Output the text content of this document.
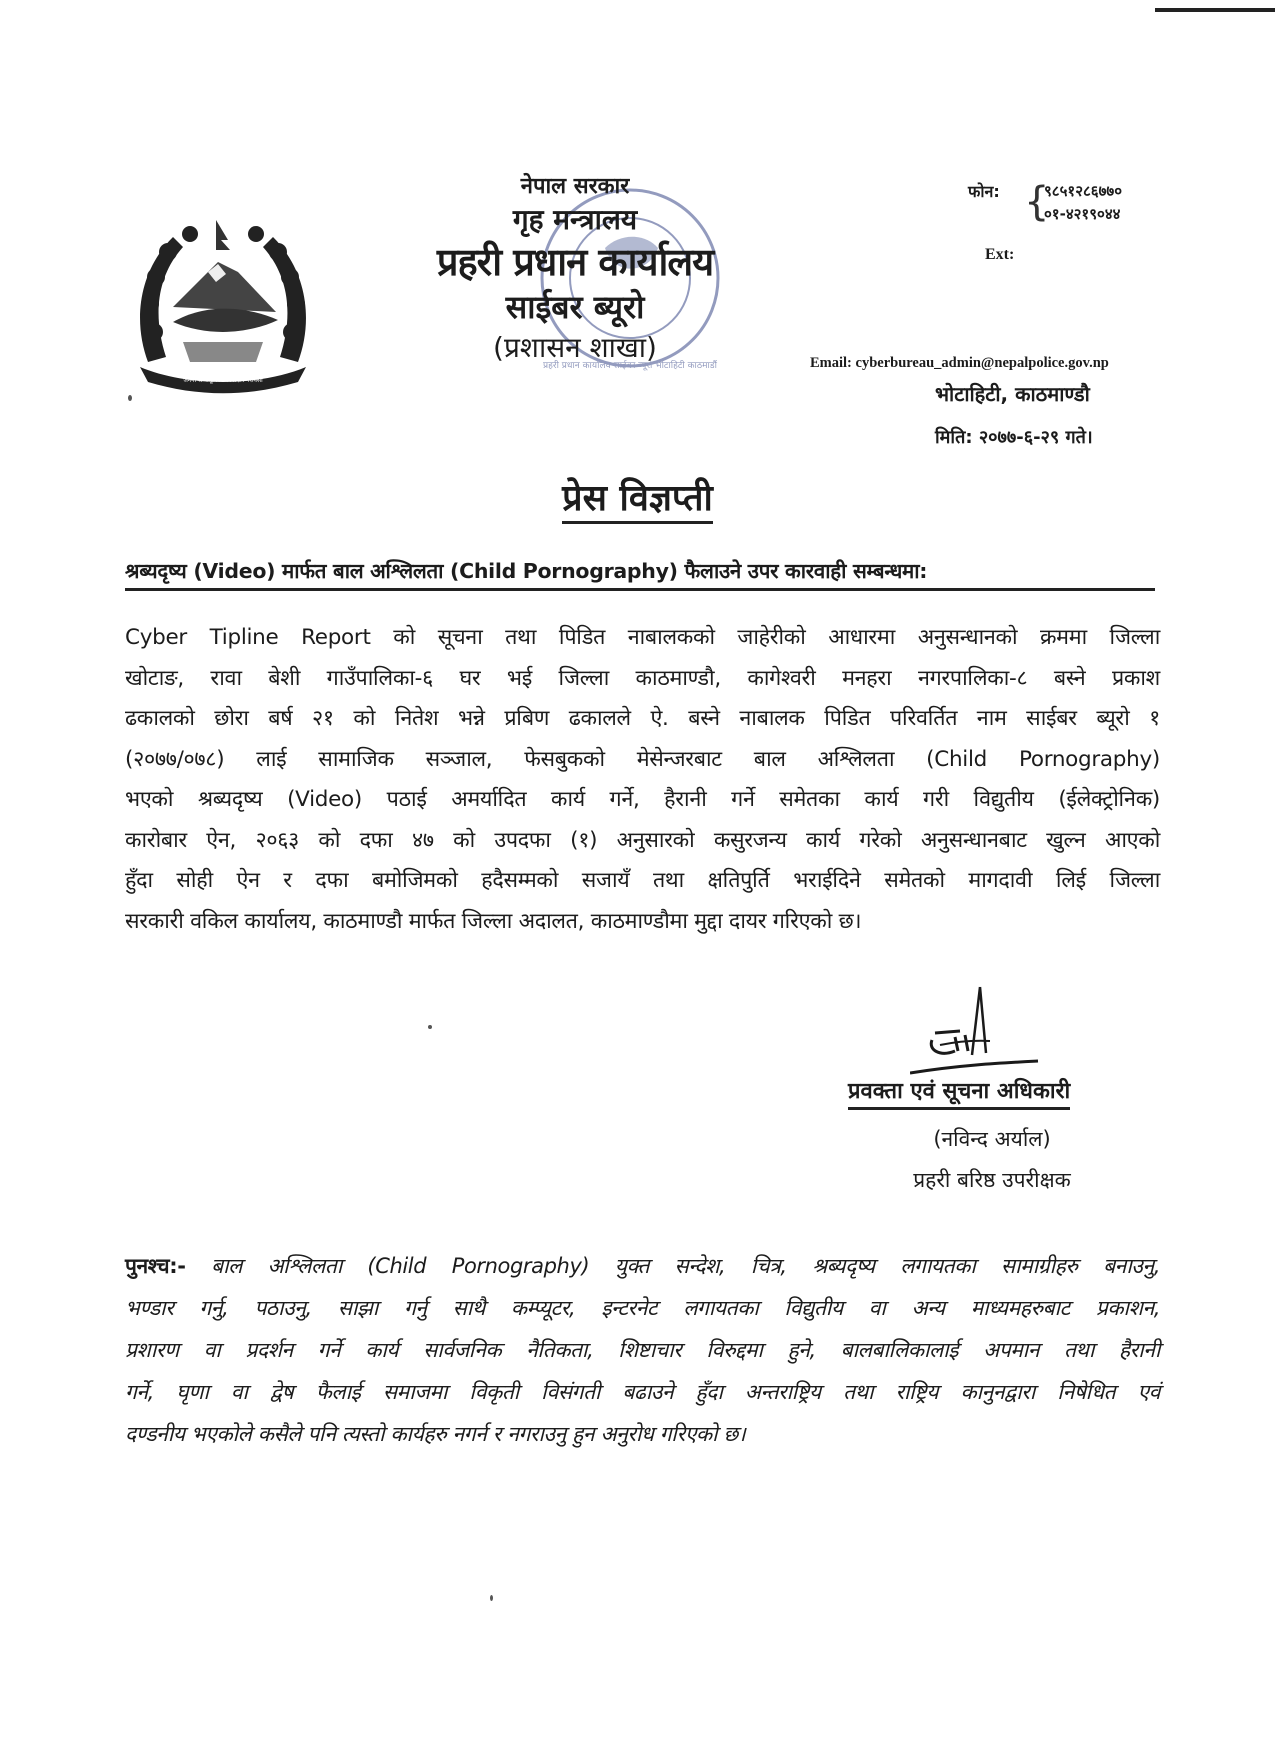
जननी जन्मभूमिश्च स्वर्गादपि गरीयसी
प्रहरी प्रधान कार्यालय साईबर ब्यूरो भोटाहिटी काठमाडौं
नेपाल सरकार
गृह मन्त्रालय
प्रहरी प्रधान कार्यालय
साईबर ब्यूरो
(प्रशासन शाखा)
फोन: {
९८५१२८६७७०
०१-४२१९०४४
Ext:
Email: cyberbureau_admin@nepalpolice.gov.np
भोटाहिटी, काठमाण्डौ
मिति: २०७७-६-२९ गते।
प्रेस विज्ञप्ती
श्रब्यदृष्य (Video) मार्फत बाल अश्लिलता (Child Pornography) फैलाउने उपर कारवाही सम्बन्धमा:

Cyber Tipline Report को सूचना तथा पिडित नाबालकको जाहेरीको आधारमा अनुसन्धानको क्रममा जिल्ला
खोटाङ, रावा बेशी गाउँपालिका-६ घर भई जिल्ला काठमाण्डौ, कागेश्वरी मनहरा नगरपालिका-८ बस्ने प्रकाश
ढकालको छोरा बर्ष २१ को नितेश भन्ने प्रबिण ढकालले ऐ. बस्ने नाबालक पिडित परिवर्तित नाम साईबर ब्यूरो १
(२०७७/०७८) लाई सामाजिक सञ्जाल, फेसबुकको मेसेन्जरबाट बाल अश्लिलता (Child Pornography)
भएको श्रब्यदृष्य (Video) पठाई अमर्यादित कार्य गर्ने, हैरानी गर्ने समेतका कार्य गरी विद्युतीय (ईलेक्ट्रोनिक)
कारोबार ऐन, २०६३ को दफा ४७ को उपदफा (१) अनुसारको कसुरजन्य कार्य गरेको अनुसन्धानबाट खुल्न आएको
हुँदा सोही ऐन र दफा बमोजिमको हदैसम्मको सजायँ तथा क्षतिपुर्ति भराईदिने समेतको मागदावी लिई जिल्ला
सरकारी वकिल कार्यालय, काठमाण्डौ मार्फत जिल्ला अदालत, काठमाण्डौमा मुद्दा दायर गरिएको छ।

प्रवक्ता एवं सूचना अधिकारी
(नविन्द अर्याल)
प्रहरी बरिष्ठ उपरीक्षक
पुनश्च:- बाल अश्लिलता (Child Pornography) युक्त सन्देश, चित्र, श्रब्यदृष्य लगायतका सामाग्रीहरु बनाउनु,
भण्डार गर्नु, पठाउनु, साझा गर्नु साथै कम्प्यूटर, इन्टरनेट लगायतका विद्युतीय वा अन्य माध्यमहरुबाट प्रकाशन,
प्रशारण वा प्रदर्शन गर्ने कार्य सार्वजनिक नैतिकता, शिष्टाचार विरुद्दमा हुने, बालबालिकालाई अपमान तथा हैरानी
गर्ने, घृणा वा द्वेष फैलाई समाजमा विकृती विसंगती बढाउने हुँदा अन्तराष्ट्रिय तथा राष्ट्रिय कानुनद्वारा निषेधित एवं
दण्डनीय भएकोले कसैले पनि त्यस्तो कार्यहरु नगर्न र नगराउनु हुन अनुरोध गरिएको छ।
